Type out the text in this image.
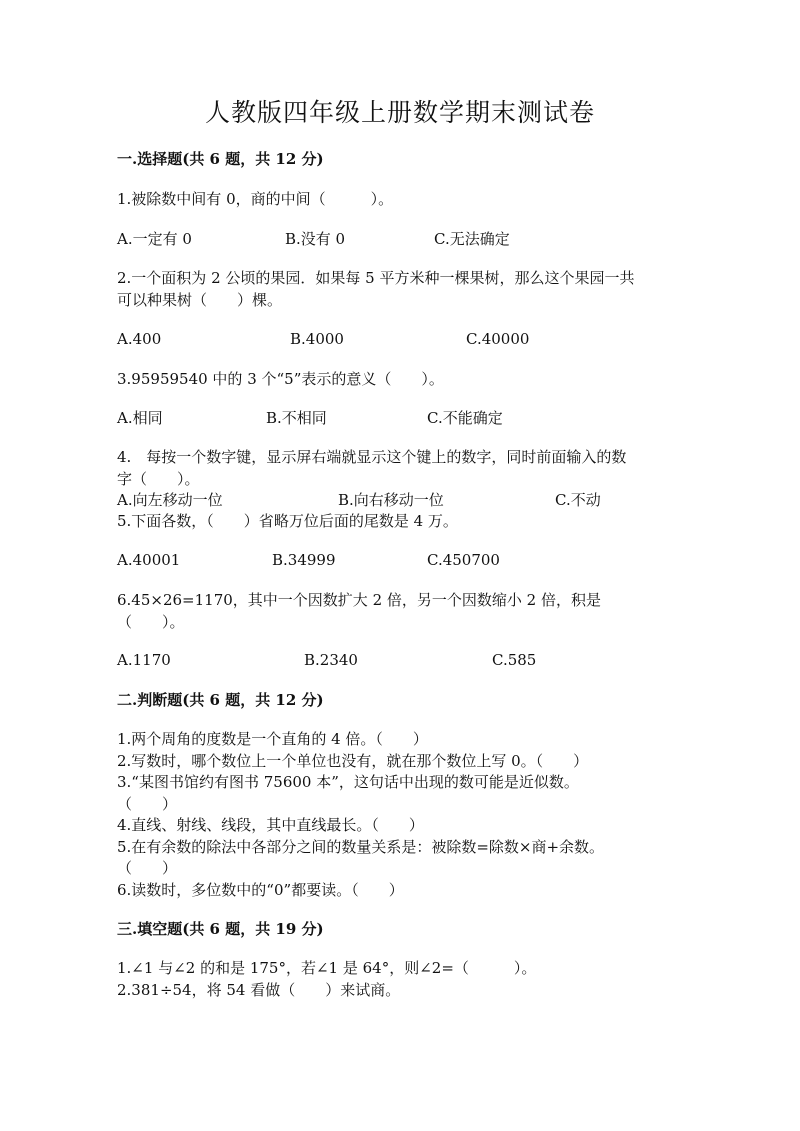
人教版四年级上册数学期末测试卷
一.选择题(共 6 题，共 12 分)
1.被除数中间有 0，商的中间（　　　）。
A.一定有 0	B.没有 0	C.无法确定
2.一个面积为 2 公顷的果园．如果每 5 平方米种一棵果树，那么这个果园一共
可以种果树（　　）棵。
A.400	B.4000	C.40000
3.95959540 中的 3 个“5”表示的意义（　　）。
A.相同	B.不相同	C.不能确定
4.　每按一个数字键，显示屏右端就显示这个键上的数字，同时前面输入的数
字（　　）。
A.向左移动一位	B.向右移动一位	C.不动
5.下面各数，（　　）省略万位后面的尾数是 4 万。
A.40001	B.34999	C.450700
6.45×26=1170，其中一个因数扩大 2 倍，另一个因数缩小 2 倍，积是
（　　）。
A.1170	B.2340	C.585
二.判断题(共 6 题，共 12 分)
1.两个周角的度数是一个直角的 4 倍。（　　）
2.写数时，哪个数位上一个单位也没有，就在那个数位上写 0。（　　）
3.“某图书馆约有图书 75600 本”，这句话中出现的数可能是近似数。
（　　）
4.直线、射线、线段，其中直线最长。（　　）
5.在有余数的除法中各部分之间的数量关系是：被除数=除数×商+余数。
（　　）
6.读数时，多位数中的“0”都要读。（　　）
三.填空题(共 6 题，共 19 分)
1.∠1 与∠2 的和是 175°，若∠1 是 64°，则∠2=（　　　）。
2.381÷54，将 54 看做（　　）来试商。
